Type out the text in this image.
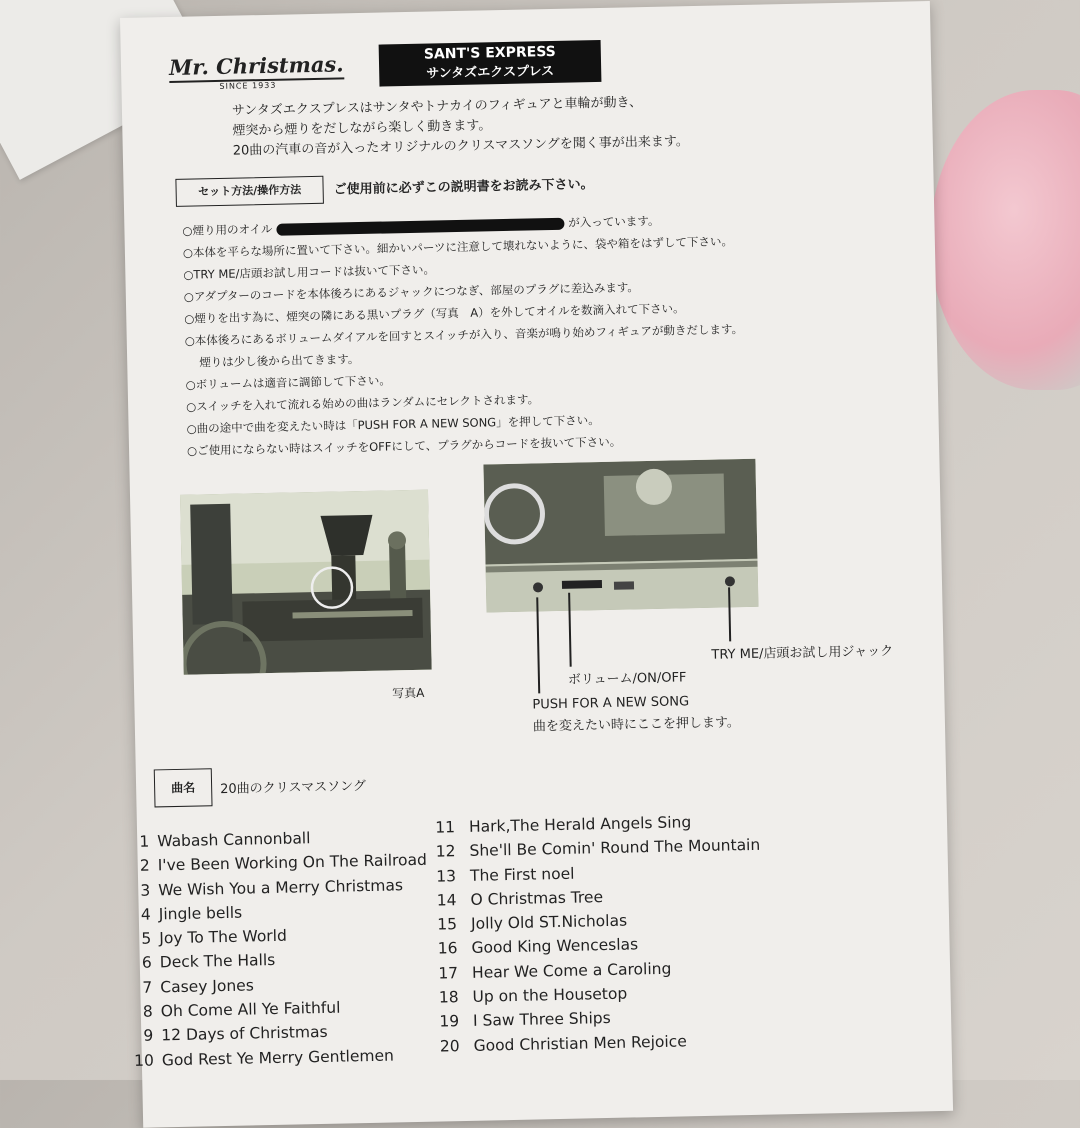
Mr. Christmas.
SINCE 1933
SANT'S EXPRESS
サンタズエクスプレス
サンタズエクスプレスはサンタやトナカイのフィギュアと車輪が動き、
煙突から煙りをだしながら楽しく動きます。
20曲の汽車の音が入ったオリジナルのクリスマスソングを聞く事が出来ます。
セット方法/操作方法	ご使用前に必ずこの説明書をお読み下さい。
○煙り用のオイルが入っています。
○本体を平らな場所に置いて下さい。細かいパーツに注意して壊れないように、袋や箱をはずして下さい。
○TRY ME/店頭お試し用コードは抜いて下さい。
○アダプターのコードを本体後ろにあるジャックにつなぎ、部屋のプラグに差込みます。
○煙りを出す為に、煙突の隣にある黒いプラグ（写真　A）を外してオイルを数滴入れて下さい。
○本体後ろにあるボリュームダイアルを回すとスイッチが入り、音楽が鳴り始めフィギュアが動きだします。
煙りは少し後から出てきます。
○ボリュームは適音に調節して下さい。
○スイッチを入れて流れる始めの曲はランダムにセレクトされます。
○曲の途中で曲を変えたい時は「PUSH FOR A NEW SONG」を押して下さい。
○ご使用にならない時はスイッチをOFFにして、プラグからコードを抜いて下さい。
写真A
ボリューム/ON/OFF
TRY ME/店頭お試し用ジャック
PUSH FOR A NEW SONG
曲を変えたい時にここを押します。
曲名	20曲のクリスマスソング
1 Wabash Cannonball
2 I've Been Working On The Railroad
3 We Wish You a Merry Christmas
4 Jingle bells
5 Joy To The World
6 Deck The Halls
7 Casey Jones
8 Oh Come All Ye Faithful
9 12 Days of Christmas
10 God Rest Ye Merry Gentlemen
11 Hark,The Herald Angels Sing
12 She'll Be Comin' Round The Mountain
13 The First noel
14 O Christmas Tree
15 Jolly Old ST.Nicholas
16 Good King Wenceslas
17 Hear We Come a Caroling
18 Up on the Housetop
19 I Saw Three Ships
20 Good Christian Men Rejoice
